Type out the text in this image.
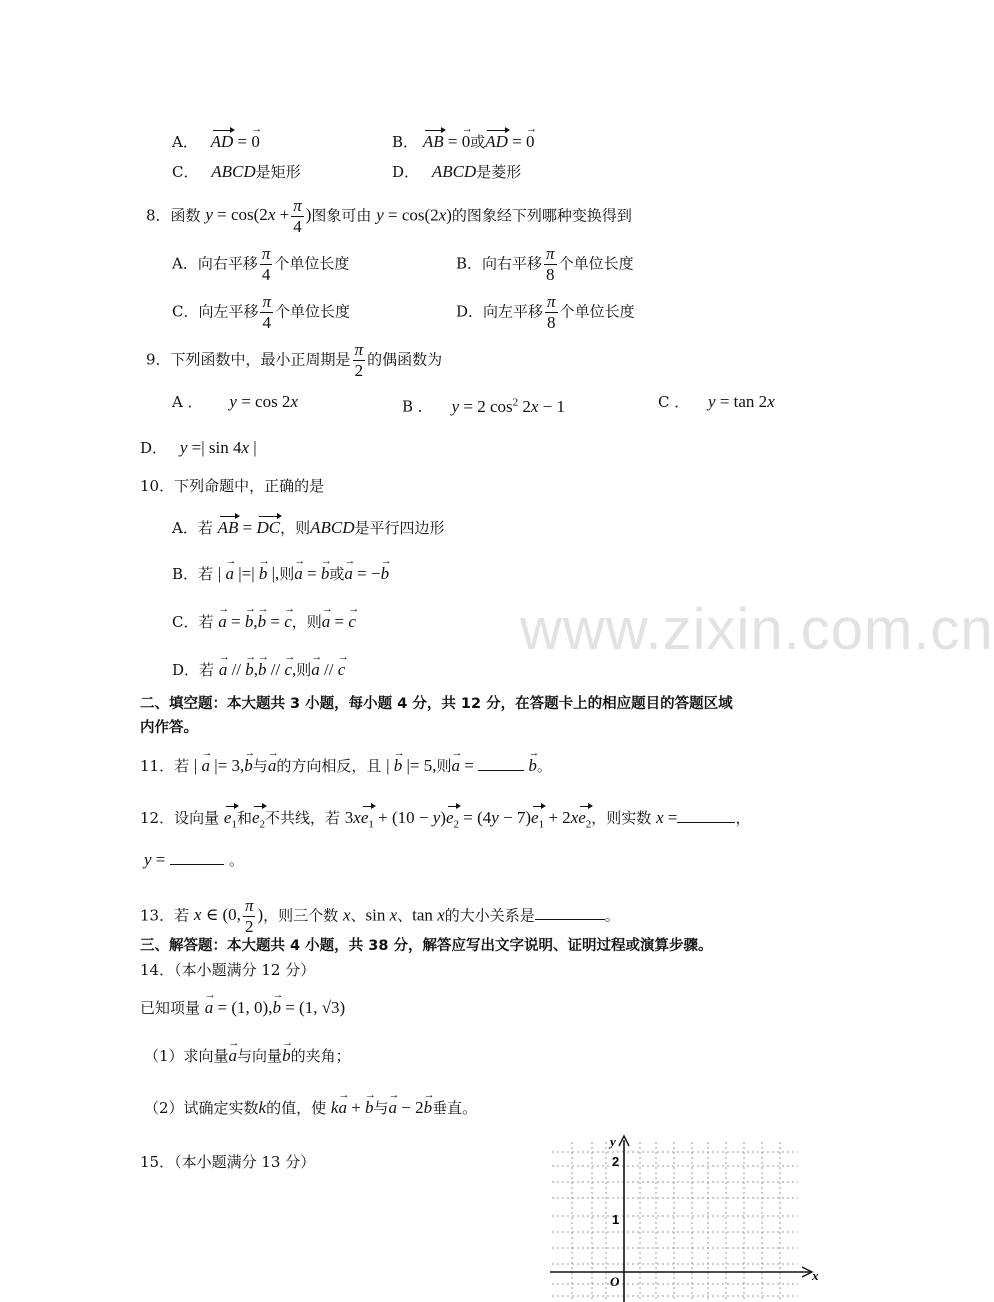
www.zixin.com.cn
A． AD = 0 →	B． AB = 0 →或AD = 0 →
C． ABCD是矩形	D． ABCD是菱形
8．函数 $y = \cos(2x + \frac{\pi}{4}$ )图象可由 y = cos(2x)的图象经下列哪种变换得到
A．向右平移 $\frac{\pi}{4}$ 个单位长度	B．向右平移 $\frac{\pi}{8}$ 个单位长度
C．向左平移 $\frac{\pi}{4}$ 个单位长度	D．向左平移 $\frac{\pi}{8}$ 个单位长度
9．下列函数中，最小正周期是 $\frac{\pi}{2}$ 的偶函数为
A ． y = cos 2x	B ． y = 2 $\cos^2 2x - 1$	C ． y = tan 2x
D． y =| sin 4x |
10．下列命题中，正确的是
A．若 AB = DC，则ABCD是平行四边形
B．若 | a → |=| b → |,则a → = b →或a → = −b →
C．若 a → = b →,b → = c →，则a → = c →
D．若 a → // b →,b → // c →,则a → // c →
二、填空题：本大题共 3 小题，每小题 4 分，共 12 分，在答题卡上的相应题目的答题区域
内作答。
11．若 | a → |= 3,b →与a →的方向相反，且 | b → |= 5,则a → =	b →。
12．设向量 $e_1$和$e_2$不共线，若 $3xe_1 + (10 - y)e_2 = (4y - 7)e_1 + 2xe_2$，则实数 x =	，
y =	。
13．若 x ∈ (0, $\frac{\pi}{2}$ )，则三个数 x、sin x、tan x的大小关系是	。
三、解答题：本大题共 4 小题，共 38 分，解答应写出文字说明、证明过程或演算步骤。
14．（本小题满分 12 分）
已知项量 a → = (1, 0),b → = (1, √3)
（1）求向量a →与向量b →的夹角；
（2）试确定实数k的值，使 ka → + b →与a → − 2b →垂直。
15．（本小题满分 13 分）
y
x
O
2
1
